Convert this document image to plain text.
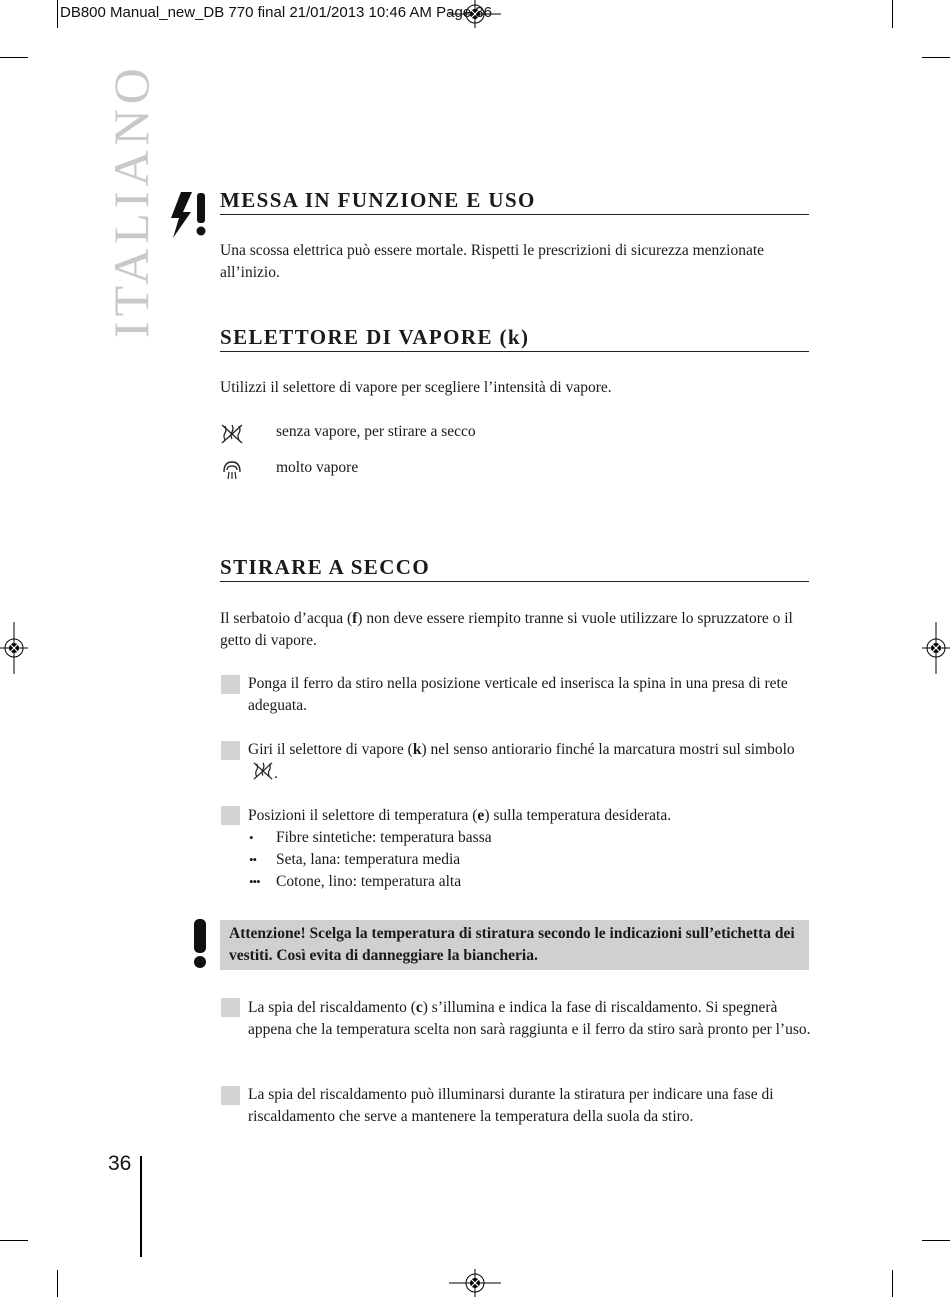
DB800 Manual_new_DB 770 final 21/01/2013 10:46 AM Page 36
ITALIANO	MESSA IN FUNZIONE E USO
Una scossa elettrica può essere mortale. Rispetti le prescrizioni di sicurezza menzionate all’inizio.
SELETTORE DI VAPORE (k)
Utilizzi il selettore di vapore per scegliere l’intensità di vapore.
senza vapore, per stirare a secco
molto vapore
STIRARE A SECCO
Il serbatoio d’acqua (f) non deve essere riempito tranne si vuole utilizzare lo spruzzatore o il getto di vapore.
Ponga il ferro da stiro nella posizione verticale ed inserisca la spina in una presa di rete adeguata.
Giri il selettore di vapore (k) nel senso antiorario finché la marcatura mostri sul simbolo .
Posizioni il selettore di temperatura (e) sulla temperatura desiderata.
• Fibre sintetiche: temperatura bassa
•• Seta, lana: temperatura media
••• Cotone, lino: temperatura alta
Attenzione! Scelga la temperatura di stiratura secondo le indicazioni sull’etichetta dei vestiti. Così evita di danneggiare la biancheria.
La spia del riscaldamento (c) s’illumina e indica la fase di riscaldamento. Si spegnerà appena che la temperatura scelta non sarà raggiunta e il ferro da stiro sarà pronto per l’uso.
La spia del riscaldamento può illuminarsi durante la stiratura per indicare una fase di riscaldamento che serve a mantenere la temperatura della suola da stiro.
36
